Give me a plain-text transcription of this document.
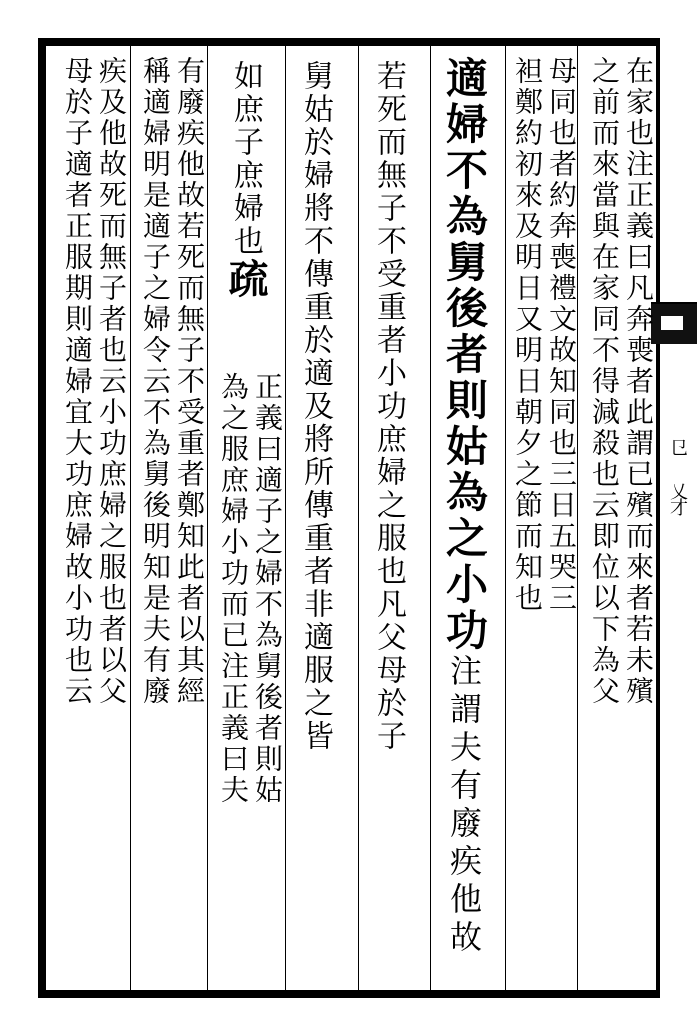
㔾
乂
才
在家也注正義曰凡奔喪者此謂已殯而來者若未殯
之前而來當與在家同不得減殺也云即位以下為父
母同也者約奔喪禮文故知同也三日五哭三
袒鄭約初來及明日又明日朝夕之節而知也
適婦不為舅後者則姑為之小功注謂夫有廢疾他故
若死而無子不受重者小功庶婦之服也凡父母於子
舅姑於婦將不傳重於適及將所傳重者非適服之皆
如庶子庶婦也疏
正義曰適子之婦不為舅後者則姑
為之服庶婦小功而已注正義曰夫
有廢疾他故若死而無子不受重者鄭知此者以其經
稱適婦明是適子之婦令云不為舅後明知是夫有廢
疾及他故死而無子者也云小功庶婦之服也者以父
母於子適者正服期則適婦宜大功庶婦故小功也云
